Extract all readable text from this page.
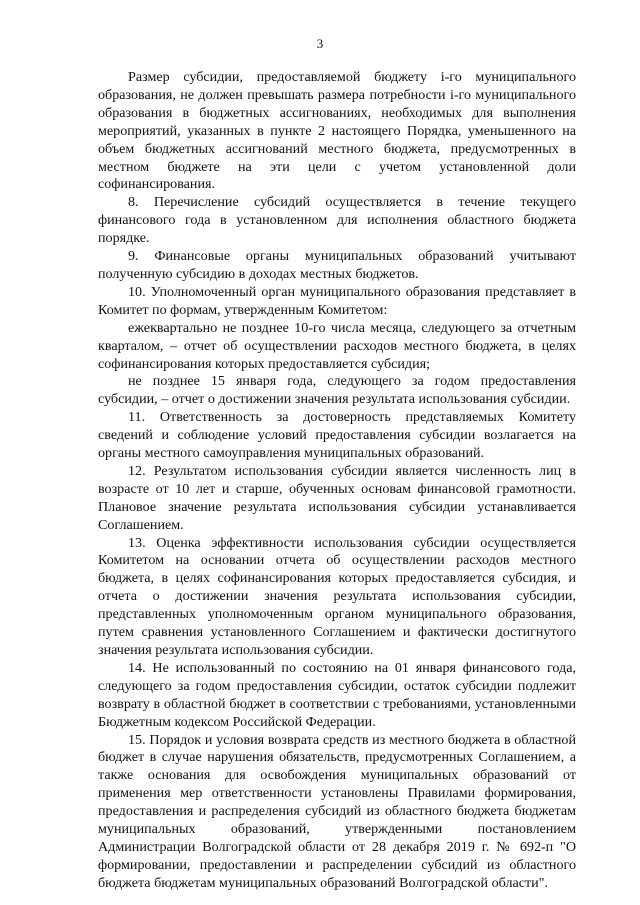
3

Размер субсидии, предоставляемой бюджету i-го муниципального образования, не должен превышать размера потребности i-го муниципального образования в бюджетных ассигнованиях, необходимых для выполнения мероприятий, указанных в пункте 2 настоящего Порядка, уменьшенного на объем бюджетных ассигнований местного бюджета, предусмотренных в местном бюджете на эти цели с учетом установленной доли софинансирования.

8. Перечисление субсидий осуществляется в течение текущего финансового года в установленном для исполнения областного бюджета порядке.

9. Финансовые органы муниципальных образований учитывают полученную субсидию в доходах местных бюджетов.

10. Уполномоченный орган муниципального образования представляет в Комитет по формам, утвержденным Комитетом:

ежеквартально не позднее 10-го числа месяца, следующего за отчетным кварталом, – отчет об осуществлении расходов местного бюджета, в целях софинансирования которых предоставляется субсидия;

не позднее 15 января года, следующего за годом предоставления субсидии, – отчет о достижении значения результата использования субсидии.

11. Ответственность за достоверность представляемых Комитету сведений и соблюдение условий предоставления субсидии возлагается на органы местного самоуправления муниципальных образований.

12. Результатом использования субсидии является численность лиц в возрасте от 10 лет и старше, обученных основам финансовой грамотности. Плановое значение результата использования субсидии устанавливается Соглашением.

13. Оценка эффективности использования субсидии осуществляется Комитетом на основании отчета об осуществлении расходов местного бюджета, в целях софинансирования которых предоставляется субсидия, и отчета о достижении значения результата использования субсидии, представленных уполномоченным органом муниципального образования, путем сравнения установленного Соглашением и фактически достигнутого значения результата использования субсидии.

14. Не использованный по состоянию на 01 января финансового года, следующего за годом предоставления субсидии, остаток субсидии подлежит возврату в областной бюджет в соответствии с требованиями, установленными Бюджетным кодексом Российской Федерации.

15. Порядок и условия возврата средств из местного бюджета в областной бюджет в случае нарушения обязательств, предусмотренных Соглашением, а также основания для освобождения муниципальных образований от применения мер ответственности установлены Правилами формирования, предоставления и распределения субсидий из областного бюджета бюджетам муниципальных образований, утвержденными постановлением Администрации Волгоградской области от 28 декабря 2019 г. № 692-п "О формировании, предоставлении и распределении субсидий из областного бюджета бюджетам муниципальных образований Волгоградской области".
